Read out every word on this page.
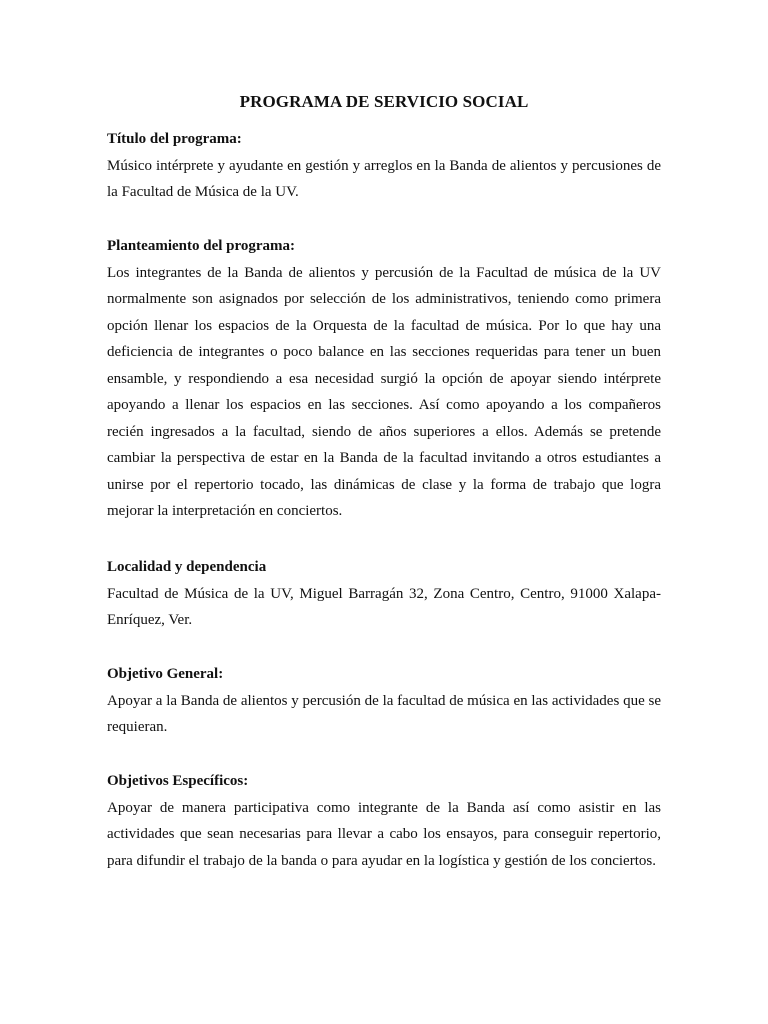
PROGRAMA DE SERVICIO SOCIAL
Título del programa:
Músico intérprete y ayudante en gestión y arreglos en la Banda de alientos y percusiones de la Facultad de Música de la UV.
Planteamiento del programa:
Los integrantes de la Banda de alientos y percusión de la Facultad de música de la UV normalmente son asignados por selección de los administrativos, teniendo como primera opción llenar los espacios de la Orquesta de la facultad de música. Por lo que hay una deficiencia de integrantes o poco balance en las secciones requeridas para tener un buen ensamble, y respondiendo a esa necesidad surgió la opción de apoyar siendo intérprete apoyando a llenar los espacios en las secciones. Así como apoyando a los compañeros recién ingresados a la facultad, siendo de años superiores a ellos. Además se pretende cambiar la perspectiva de estar en la Banda de la facultad invitando a otros estudiantes a unirse por el repertorio tocado, las dinámicas de clase y la forma de trabajo que logra mejorar la interpretación en conciertos.
Localidad y dependencia
Facultad de Música de la UV, Miguel Barragán 32, Zona Centro, Centro, 91000 Xalapa-Enríquez, Ver.
Objetivo General:
Apoyar a la Banda de alientos y percusión de la facultad de música en las actividades que se requieran.
Objetivos Específicos:
Apoyar de manera participativa como integrante de la Banda así como asistir en las actividades que sean necesarias para llevar a cabo los ensayos, para conseguir repertorio, para difundir el trabajo de la banda o para ayudar en la logística y gestión de los conciertos.
